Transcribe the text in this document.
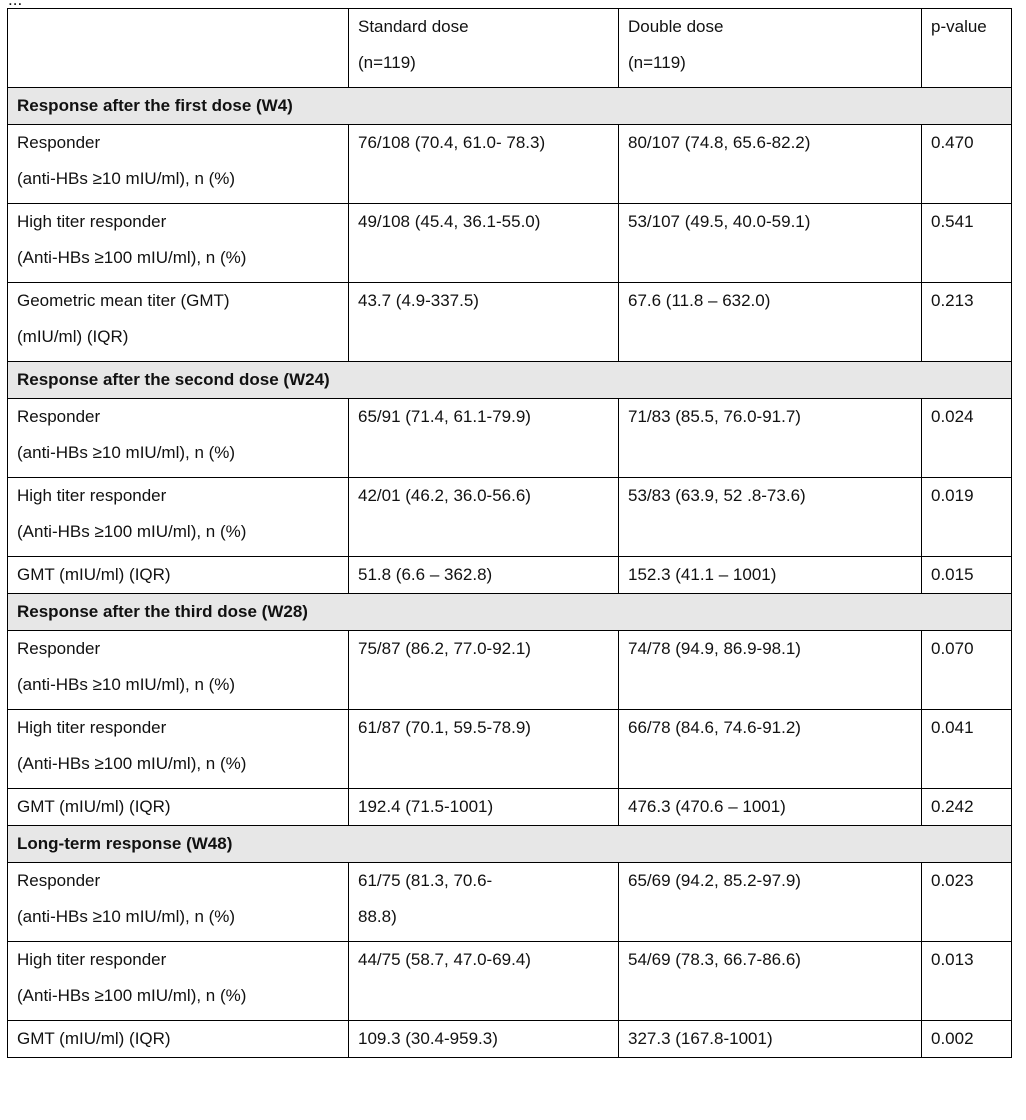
	Standard dose
(n=119)	Double dose
(n=119)	p-value
Response after the first dose (W4)			

Responder
(anti-HBs ≥10 mIU/ml), n (%)	76/108 (70.4, 61.0- 78.3)	80/107 (74.8, 65.6-82.2)	0.470

High titer responder
(Anti-HBs ≥100 mIU/ml), n (%)	49/108 (45.4, 36.1-55.0)	53/107 (49.5, 40.0-59.1)	0.541

Geometric mean titer (GMT)
(mIU/ml) (IQR)	43.7 (4.9-337.5)	67.6 (11.8 – 632.0)	0.213
Response after the second dose (W24)			

Responder
(anti-HBs ≥10 mIU/ml), n (%)	65/91 (71.4, 61.1-79.9)	71/83 (85.5, 76.0-91.7)	0.024

High titer responder
(Anti-HBs ≥100 mIU/ml), n (%)	42/01 (46.2, 36.0-56.6)	53/83 (63.9, 52 .8-73.6)	0.019

GMT (mIU/ml) (IQR)	51.8 (6.6 – 362.8)	152.3 (41.1 – 1001)	0.015
Response after the third dose (W28)			

Responder
(anti-HBs ≥10 mIU/ml), n (%)	75/87 (86.2, 77.0-92.1)	74/78 (94.9, 86.9-98.1)	0.070

High titer responder
(Anti-HBs ≥100 mIU/ml), n (%)	61/87 (70.1, 59.5-78.9)	66/78 (84.6, 74.6-91.2)	0.041

GMT (mIU/ml) (IQR)	192.4 (71.5-1001)	476.3 (470.6 – 1001)	0.242
Long-term response (W48)			

Responder
(anti-HBs ≥10 mIU/ml), n (%)	61/75 (81.3, 70.6-
88.8)	65/69 (94.2, 85.2-97.9)	0.023

High titer responder
(Anti-HBs ≥100 mIU/ml), n (%)	44/75 (58.7, 47.0-69.4)	54/69 (78.3, 66.7-86.6)	0.013

GMT (mIU/ml) (IQR)	109.3 (30.4-959.3)	327.3 (167.8-1001)	0.002
